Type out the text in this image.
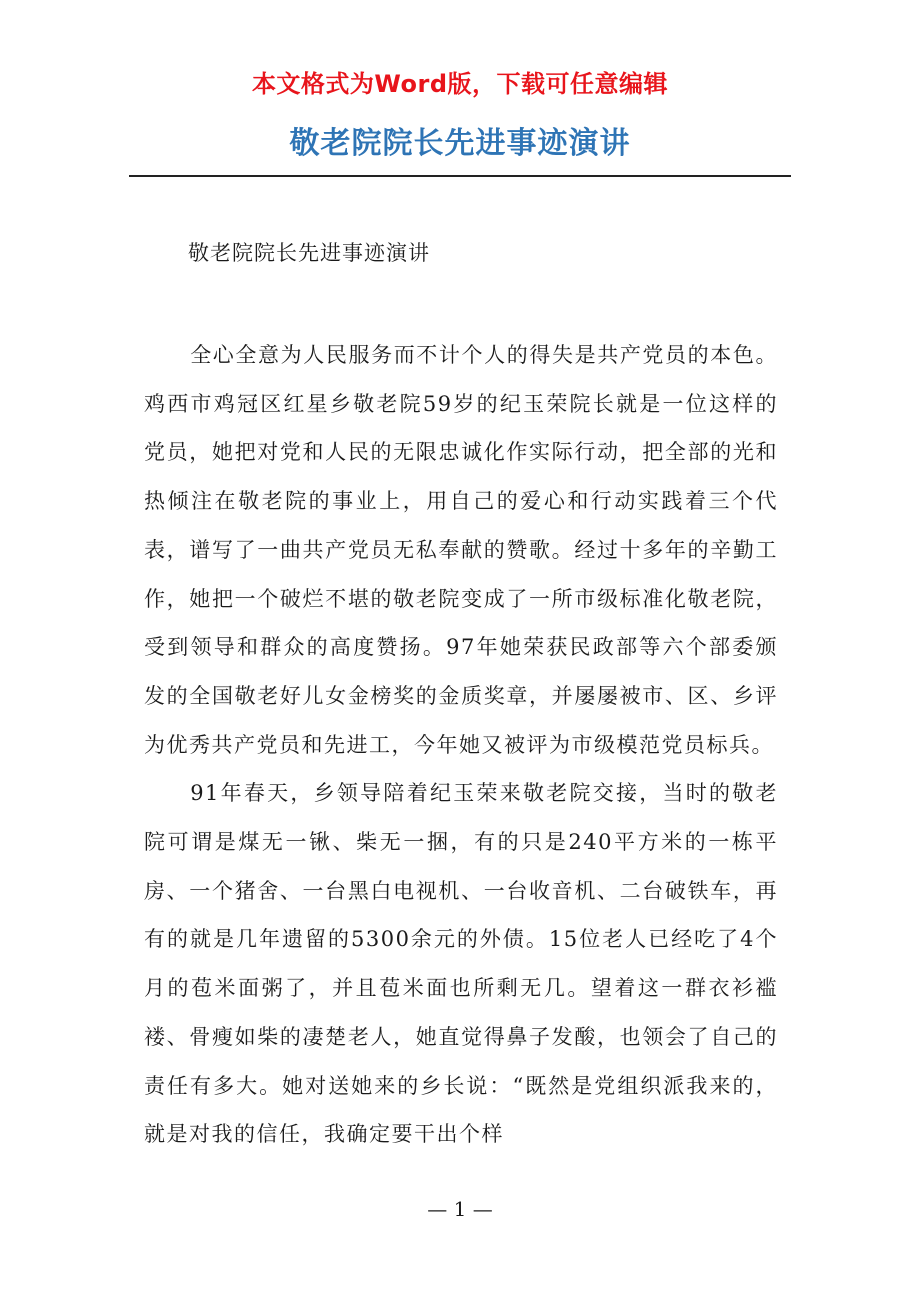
本文格式为Word版，下载可任意编辑
敬老院院长先进事迹演讲
敬老院院长先进事迹演讲

全心全意为人民服务而不计个人的得失是共产党员的本色。鸡西市鸡冠区红星乡敬老院59岁的纪玉荣院长就是一位这样的党员，她把对党和人民的无限忠诚化作实际行动，把全部的光和热倾注在敬老院的事业上，用自己的爱心和行动实践着三个代表，谱写了一曲共产党员无私奉献的赞歌。经过十多年的辛勤工作，她把一个破烂不堪的敬老院变成了一所市级标准化敬老院，受到领导和群众的高度赞扬。97年她荣获民政部等六个部委颁发的全国敬老好儿女金榜奖的金质奖章，并屡屡被市、区、乡评为优秀共产党员和先进工，今年她又被评为市级模范党员标兵。

91年春天，乡领导陪着纪玉荣来敬老院交接，当时的敬老院可谓是煤无一锹、柴无一捆，有的只是240平方米的一栋平房、一个猪舍、一台黑白电视机、一台收音机、二台破铁车，再有的就是几年遗留的5300余元的外债。15位老人已经吃了4个月的苞米面粥了，并且苞米面也所剩无几。望着这一群衣衫褴褛、骨瘦如柴的凄楚老人，她直觉得鼻子发酸，也领会了自己的责任有多大。她对送她来的乡长说：“既然是党组织派我来的，就是对我的信任，我确定要干出个样

— 1 —
